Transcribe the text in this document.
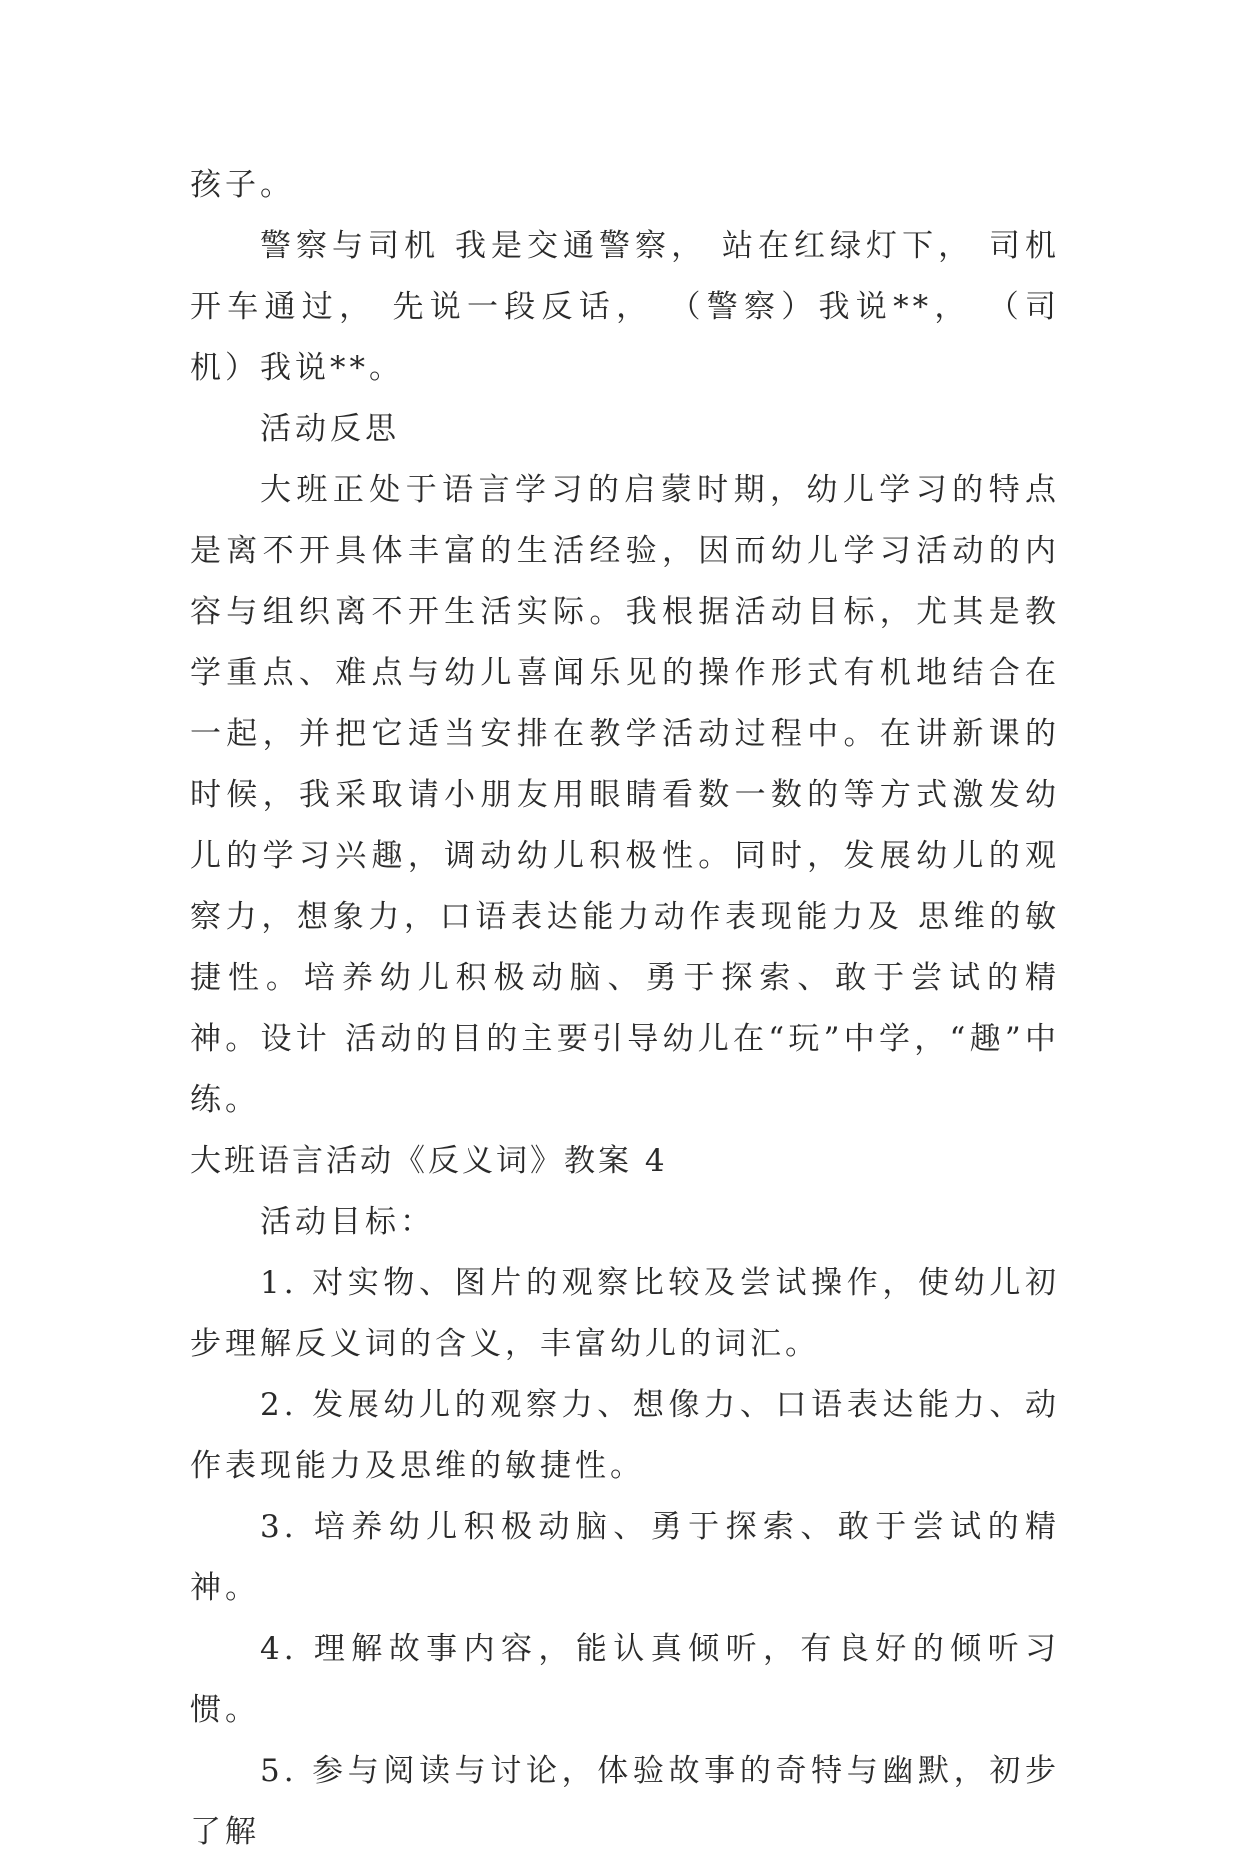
孩子。

警察与司机 我是交通警察， 站在红绿灯下， 司机开车通过， 先说一段反话， （警察）我说**， （司机）我说**。

活动反思

大班正处于语言学习的启蒙时期，幼儿学习的特点是离不开具体丰富的生活经验，因而幼儿学习活动的内容与组织离不开生活实际。我根据活动目标，尤其是教学重点、难点与幼儿喜闻乐见的操作形式有机地结合在一起，并把它适当安排在教学活动过程中。在讲新课的时候，我采取请小朋友用眼睛看数一数的等方式激发幼儿的学习兴趣，调动幼儿积极性。同时，发展幼儿的观察力，想象力，口语表达能力动作表现能力及 思维的敏捷性。培养幼儿积极动脑、勇于探索、敢于尝试的精神。设计 活动的目的主要引导幼儿在“玩”中学，“趣”中练。

大班语言活动《反义词》教案 4

活动目标：

1. 对实物、图片的观察比较及尝试操作，使幼儿初步理解反义词的含义，丰富幼儿的词汇。

2. 发展幼儿的观察力、想像力、口语表达能力、动作表现能力及思维的敏捷性。

3. 培养幼儿积极动脑、勇于探索、敢于尝试的精神。

4. 理解故事内容，能认真倾听，有良好的倾听习惯。

5. 参与阅读与讨论，体验故事的奇特与幽默，初步了解
